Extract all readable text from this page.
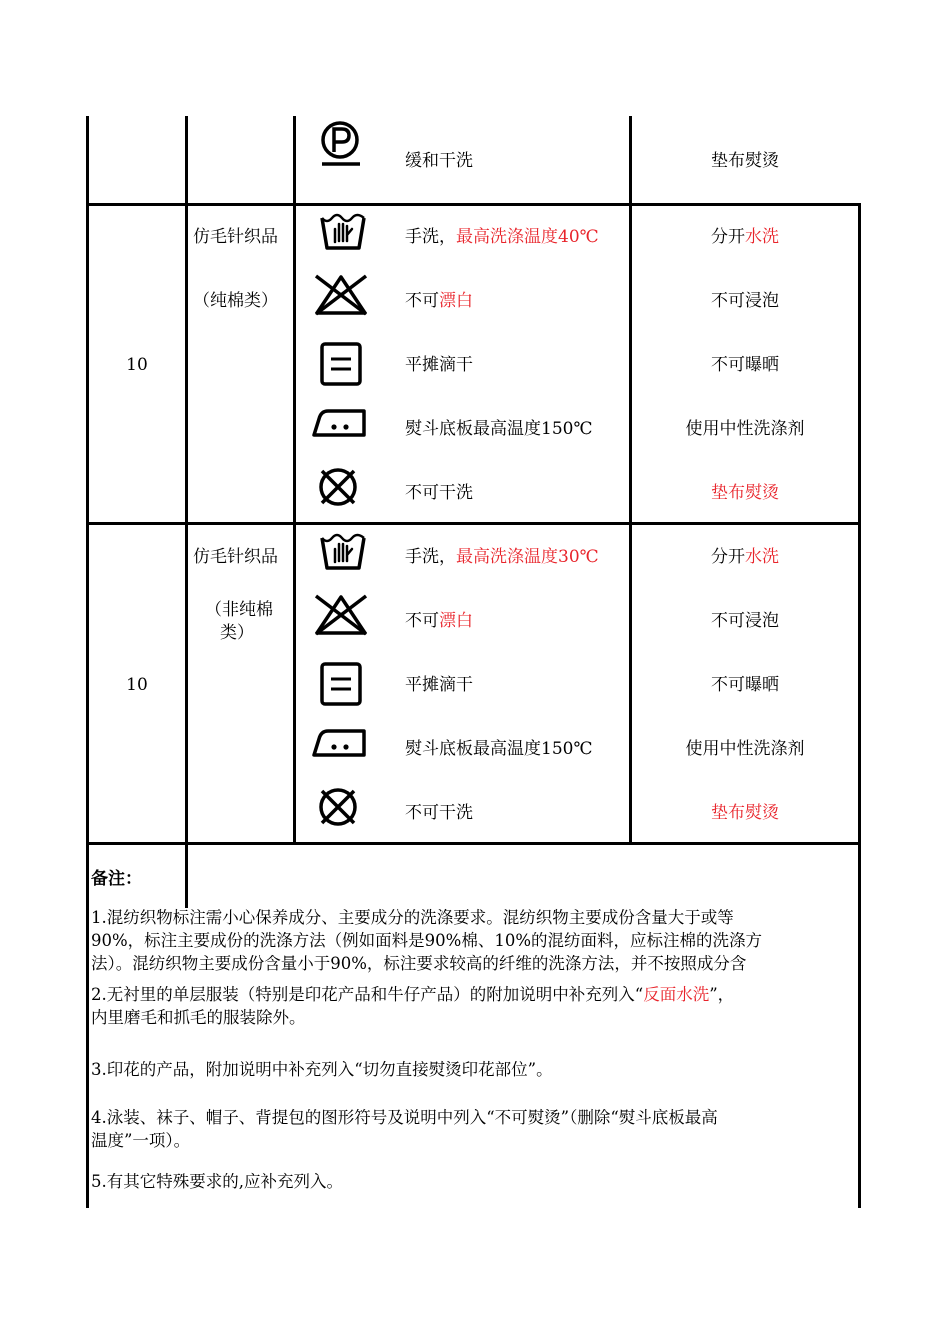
缓和干洗	垫布熨烫
10
仿毛针织品
（纯棉类）
手洗，最高洗涤温度40℃	分开水洗
不可漂白	不可浸泡
平摊滴干	不可曝晒
熨斗底板最高温度150℃	使用中性洗涤剂
不可干洗	垫布熨烫
10
仿毛针织品
（非纯棉
类）
手洗，最高洗涤温度30℃	分开水洗
不可漂白	不可浸泡
平摊滴干	不可曝晒
熨斗底板最高温度150℃	使用中性洗涤剂
不可干洗	垫布熨烫
备注：
1.混纺织物标注需小心保养成分、主要成分的洗涤要求。混纺织物主要成份含量大于或等
90%，标注主要成份的洗涤方法（例如面料是90%棉、10%的混纺面料，应标注棉的洗涤方
法）。混纺织物主要成份含量小于90%，标注要求较高的纤维的洗涤方法，并不按照成分含
2.无衬里的单层服装（特别是印花产品和牛仔产品）的附加说明中补充列入“反面水洗”，
内里磨毛和抓毛的服装除外。
3.印花的产品，附加说明中补充列入“切勿直接熨烫印花部位”。
4.泳装、袜子、帽子、背提包的图形符号及说明中列入“不可熨烫”（删除“熨斗底板最高
温度”一项）。
5.有其它特殊要求的,应补充列入。
